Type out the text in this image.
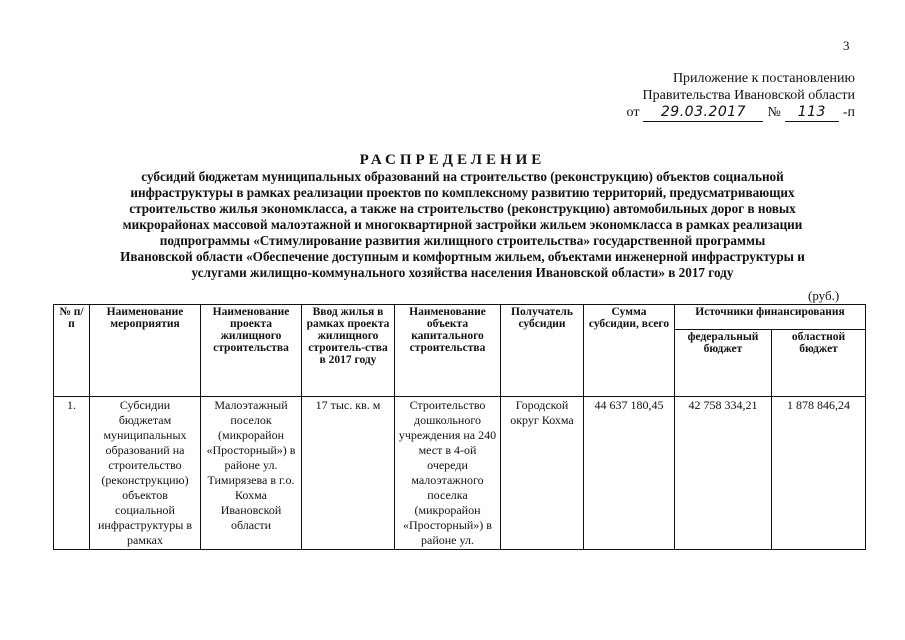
3
Приложение к постановлению
Правительства Ивановской области
от	29.03.2017	№	113	-п
РАСПРЕДЕЛЕНИЕ
субсидий бюджетам муниципальных образований на строительство (реконструкцию) объектов социальной
инфраструктуры в рамках реализации проектов по комплексному развитию территорий, предусматривающих
строительство жилья экономкласса, а также на строительство (реконструкцию) автомобильных дорог в новых
микрорайонах массовой малоэтажной и многоквартирной застройки жильем экономкласса в рамках реализации
подпрограммы «Стимулирование развития жилищного строительства» государственной программы
Ивановской области «Обеспечение доступным и комфортным жильем, объектами инженерной инфраструктуры и
услугами жилищно-коммунального хозяйства населения Ивановской области» в 2017 году
(руб.)
№ п/п	Наименование мероприятия	Наименование проекта жилищного строительства	Ввод жилья в рамках проекта жилищного строитель-ства в 2017 году	Наименование объекта капитального строительства	Получатель субсидии	Сумма субсидии, всего	Источники финансирования	
							федеральный бюджет	областной бюджет
1.	Субсидии бюджетам муниципальных образований на строительство (реконструкцию) объектов социальной инфраструктуры в рамках	Малоэтажный поселок (микрорайон «Просторный») в районе ул. Тимирязева в г.о. Кохма Ивановской области	17 тыс. кв. м	Строительство дошкольного учреждения на 240 мест в 4-ой очереди малоэтажного поселка (микрорайон «Просторный») в районе ул.	Городской округ Кохма	44 637 180,45	42 758 334,21	1 878 846,24
